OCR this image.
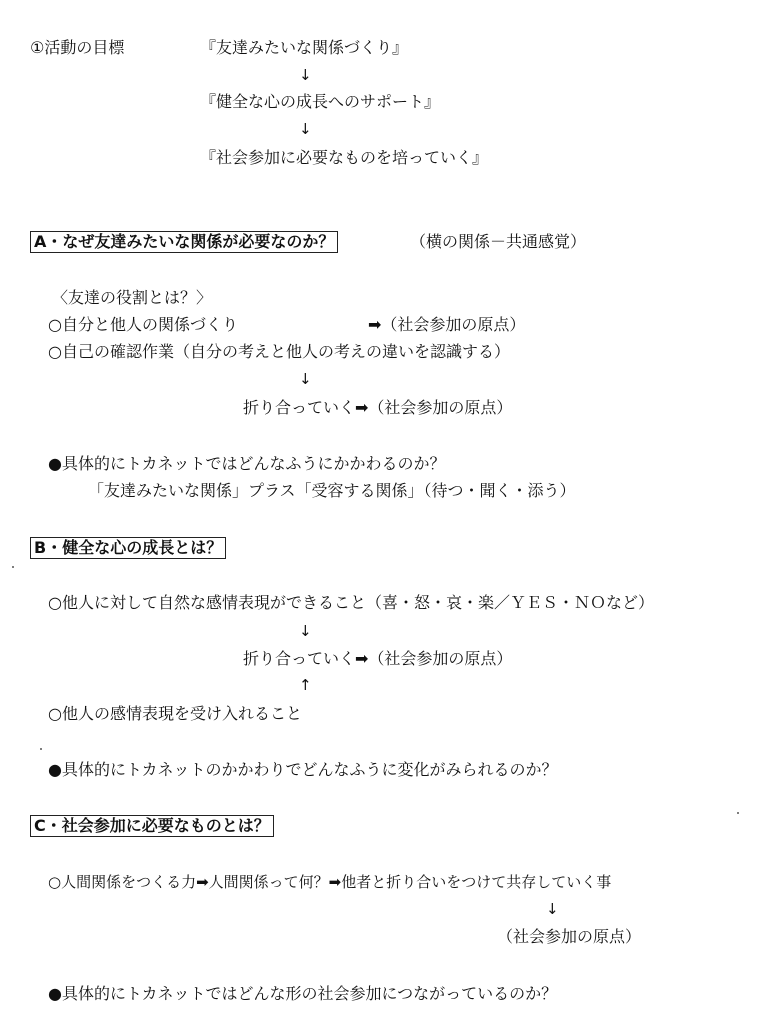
①活動の目標	『友達みたいな関係づくり』
↓
『健全な心の成長へのサポート』
↓
『社会参加に必要なものを培っていく』
A・なぜ友達みたいな関係が必要なのか？	（横の関係－共通感覚）
〈友達の役割とは？〉
○自分と他人の関係づくり	➡（社会参加の原点）
○自己の確認作業（自分の考えと他人の考えの違いを認識する）
↓
折り合っていく➡（社会参加の原点）
●具体的にトカネットではどんなふうにかかわるのか？
「友達みたいな関係」プラス「受容する関係」（待つ・聞く・添う）
B・健全な心の成長とは？
○他人に対して自然な感情表現ができること（喜・怒・哀・楽／ＹＥＳ・ＮＯなど）
↓
折り合っていく➡（社会参加の原点）
↑
○他人の感情表現を受け入れること
●具体的にトカネットのかかわりでどんなふうに変化がみられるのか？
C・社会参加に必要なものとは？
○人間関係をつくる力➡人間関係って何？➡他者と折り合いをつけて共存していく事
↓
（社会参加の原点）
●具体的にトカネットではどんな形の社会参加につながっているのか？
